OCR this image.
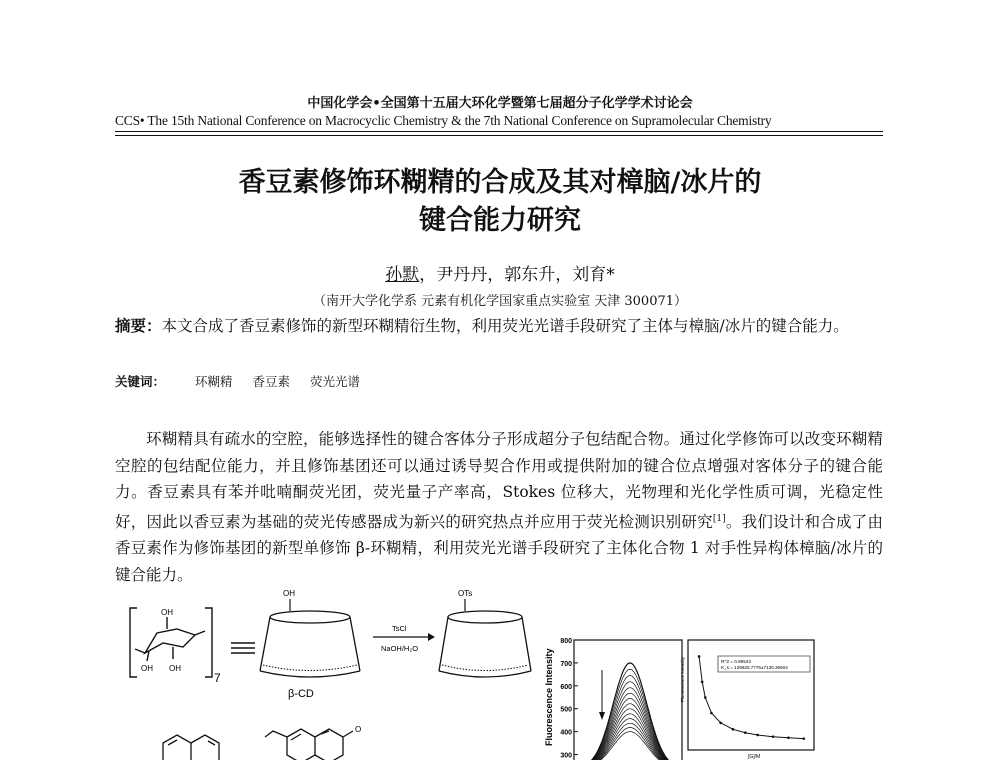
中国化学会•全国第十五届大环化学暨第七届超分子化学学术讨论会
CCS• The 15th National Conference on Macrocyclic Chemistry & the 7th National Conference on Supramolecular Chemistry
香豆素修饰环糊精的合成及其对樟脑/冰片的
键合能力研究
孙默，尹丹丹，郭东升，刘育*
（南开大学化学系 元素有机化学国家重点实验室 天津 300071）
摘要：本文合成了香豆素修饰的新型环糊精衍生物，利用荧光光谱手段研究了主体与樟脑/冰片的键合能力。
关键词： 环糊精 香豆素 荧光光谱
环糊精具有疏水的空腔，能够选择性的键合客体分子形成超分子包结配合物。通过化学修饰可以改变环糊精空腔的包结配位能力，并且修饰基团还可以通过诱导契合作用或提供附加的键合位点增强对客体分子的键合能力。香豆素具有苯并吡喃酮荧光团，荧光量子产率高，Stokes 位移大，光物理和光化学性质可调，光稳定性好，因此以香豆素为基础的荧光传感器成为新兴的研究热点并应用于荧光检测识别研究[1]。我们设计和合成了由香豆素作为修饰基团的新型单修饰 β-环糊精，利用荧光光谱手段研究了主体化合物 1 对手性异构体樟脑/冰片的键合能力。
OH
OH OH
7
OH
β-CD
TsCl
NaOH/H₂O
OTs
O	Fluorescence Intensity
800
700
600
500
400
300
Fluorescence Intensity	R^2 = 0.99543
K_s = 129620.7776±7130.36604
[G]/M
